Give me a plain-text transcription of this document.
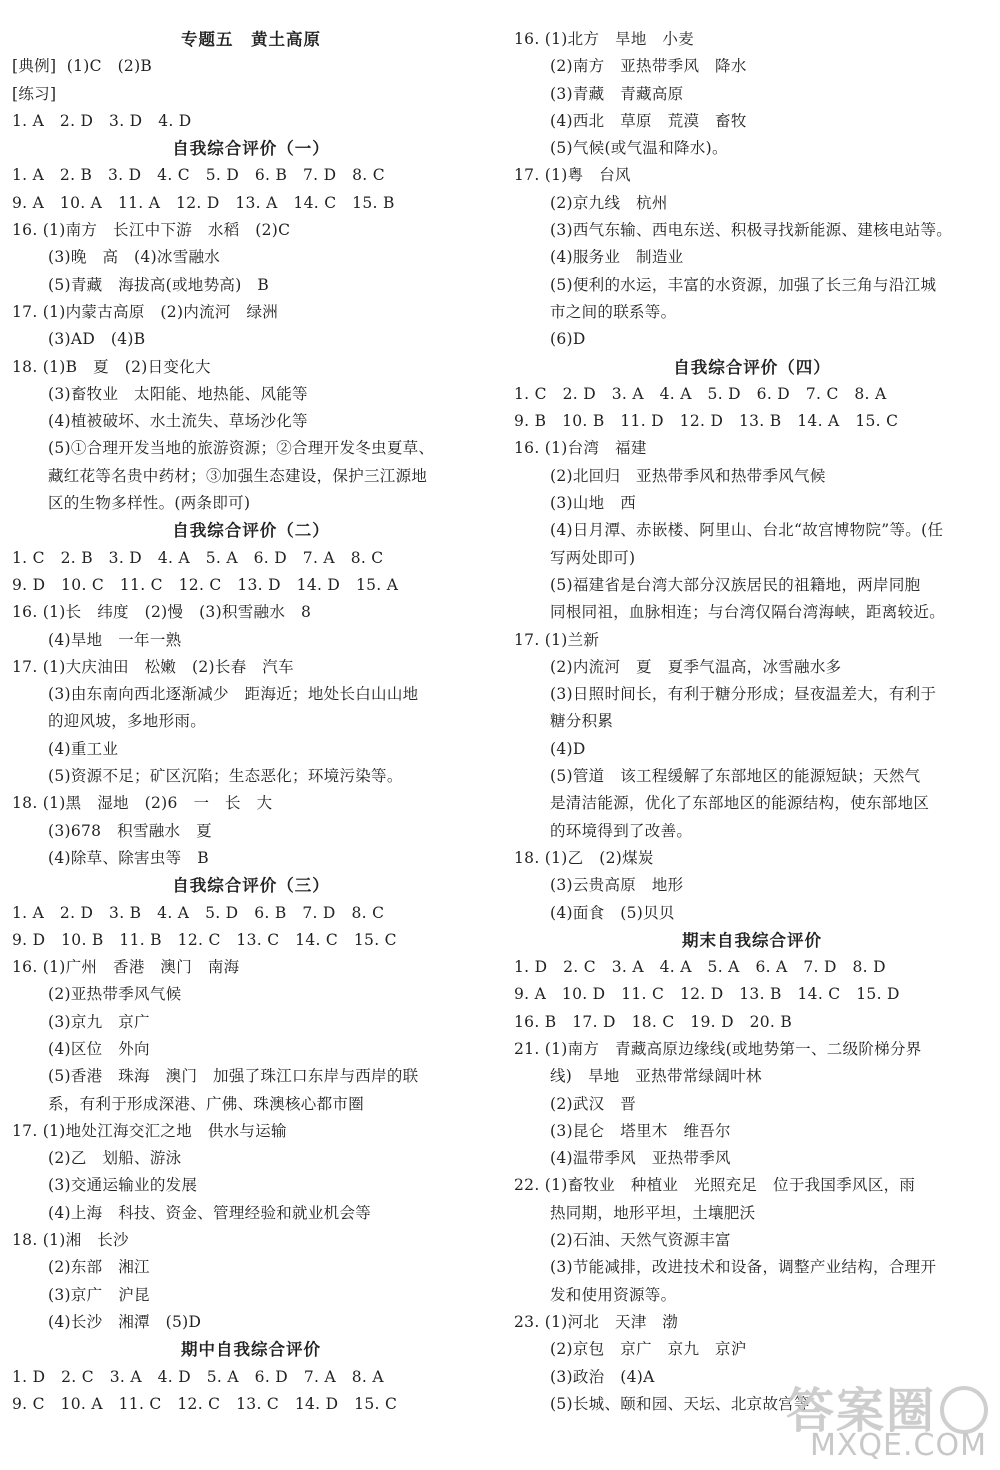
专题五　黄土高原
[典例]  (1)C　(2)B
[练习]
1. A　2. D　3. D　4. D
自我综合评价（一）
1. A　2. B　3. D　4. C　5. D　6. B　7. D　8. C
9. A　10. A　11. A　12. D　13. A　14. C　15. B
16. (1)南方　长江中下游　水稻　(2)C
(3)晚　高　(4)冰雪融水
(5)青藏　海拔高(或地势高)　B
17. (1)内蒙古高原　(2)内流河　绿洲
(3)AD　(4)B
18. (1)B　夏　(2)日变化大
(3)畜牧业　太阳能、地热能、风能等
(4)植被破坏、水土流失、草场沙化等
(5)①合理开发当地的旅游资源；②合理开发冬虫夏草、
藏红花等名贵中药材；③加强生态建设，保护三江源地
区的生物多样性。(两条即可)
自我综合评价（二）
1. C　2. B　3. D　4. A　5. A　6. D　7. A　8. C
9. D　10. C　11. C　12. C　13. D　14. D　15. A
16. (1)长　纬度　(2)慢　(3)积雪融水　8
(4)旱地　一年一熟
17. (1)大庆油田　松嫩　(2)长春　汽车
(3)由东南向西北逐渐减少　距海近；地处长白山山地
的迎风坡，多地形雨。
(4)重工业
(5)资源不足；矿区沉陷；生态恶化；环境污染等。
18. (1)黑　湿地　(2)6　一　长　大
(3)678　积雪融水　夏
(4)除草、除害虫等　B
自我综合评价（三）
1. A　2. D　3. B　4. A　5. D　6. B　7. D　8. C
9. D　10. B　11. B　12. C　13. C　14. C　15. C
16. (1)广州　香港　澳门　南海
(2)亚热带季风气候
(3)京九　京广
(4)区位　外向
(5)香港　珠海　澳门　加强了珠江口东岸与西岸的联
系，有利于形成深港、广佛、珠澳核心都市圈
17. (1)地处江海交汇之地　供水与运输
(2)乙　划船、游泳
(3)交通运输业的发展
(4)上海　科技、资金、管理经验和就业机会等
18. (1)湘　长沙
(2)东部　湘江
(3)京广　沪昆
(4)长沙　湘潭　(5)D
期中自我综合评价
1. D　2. C　3. A　4. D　5. A　6. D　7. A　8. A
9. C　10. A　11. C　12. C　13. C　14. D　15. C
16. (1)北方　旱地　小麦
(2)南方　亚热带季风　降水
(3)青藏　青藏高原
(4)西北　草原　荒漠　畜牧
(5)气候(或气温和降水)。
17. (1)粤　台风
(2)京九线　杭州
(3)西气东输、西电东送、积极寻找新能源、建核电站等。
(4)服务业　制造业
(5)便利的水运，丰富的水资源，加强了长三角与沿江城
市之间的联系等。
(6)D
自我综合评价（四）
1. C　2. D　3. A　4. A　5. D　6. D　7. C　8. A
9. B　10. B　11. D　12. D　13. B　14. A　15. C
16. (1)台湾　福建
(2)北回归　亚热带季风和热带季风气候
(3)山地　西
(4)日月潭、赤嵌楼、阿里山、台北“故宫博物院”等。(任
写两处即可)
(5)福建省是台湾大部分汉族居民的祖籍地，两岸同胞
同根同祖，血脉相连；与台湾仅隔台湾海峡，距离较近。
17. (1)兰新
(2)内流河　夏　夏季气温高，冰雪融水多
(3)日照时间长，有利于糖分形成；昼夜温差大，有利于
糖分积累
(4)D
(5)管道　该工程缓解了东部地区的能源短缺；天然气
是清洁能源，优化了东部地区的能源结构，使东部地区
的环境得到了改善。
18. (1)乙　(2)煤炭
(3)云贵高原　地形
(4)面食　(5)贝贝
期末自我综合评价
1. D　2. C　3. A　4. A　5. A　6. A　7. D　8. D
9. A　10. D　11. C　12. D　13. B　14. C　15. D
16. B　17. D　18. C　19. D　20. B
21. (1)南方　青藏高原边缘线(或地势第一、二级阶梯分界
线)　旱地　亚热带常绿阔叶林
(2)武汉　晋
(3)昆仑　塔里木　维吾尔
(4)温带季风　亚热带季风
22. (1)畜牧业　种植业　光照充足　位于我国季风区，雨
热同期，地形平坦，土壤肥沃
(2)石油、天然气资源丰富
(3)节能减排，改进技术和设备，调整产业结构，合理开
发和使用资源等。
23. (1)河北　天津　渤
(2)京包　京广　京九　京沪
(3)政治　(4)A
(5)长城、颐和园、天坛、北京故宫等
答案圈
MXQE.COM
